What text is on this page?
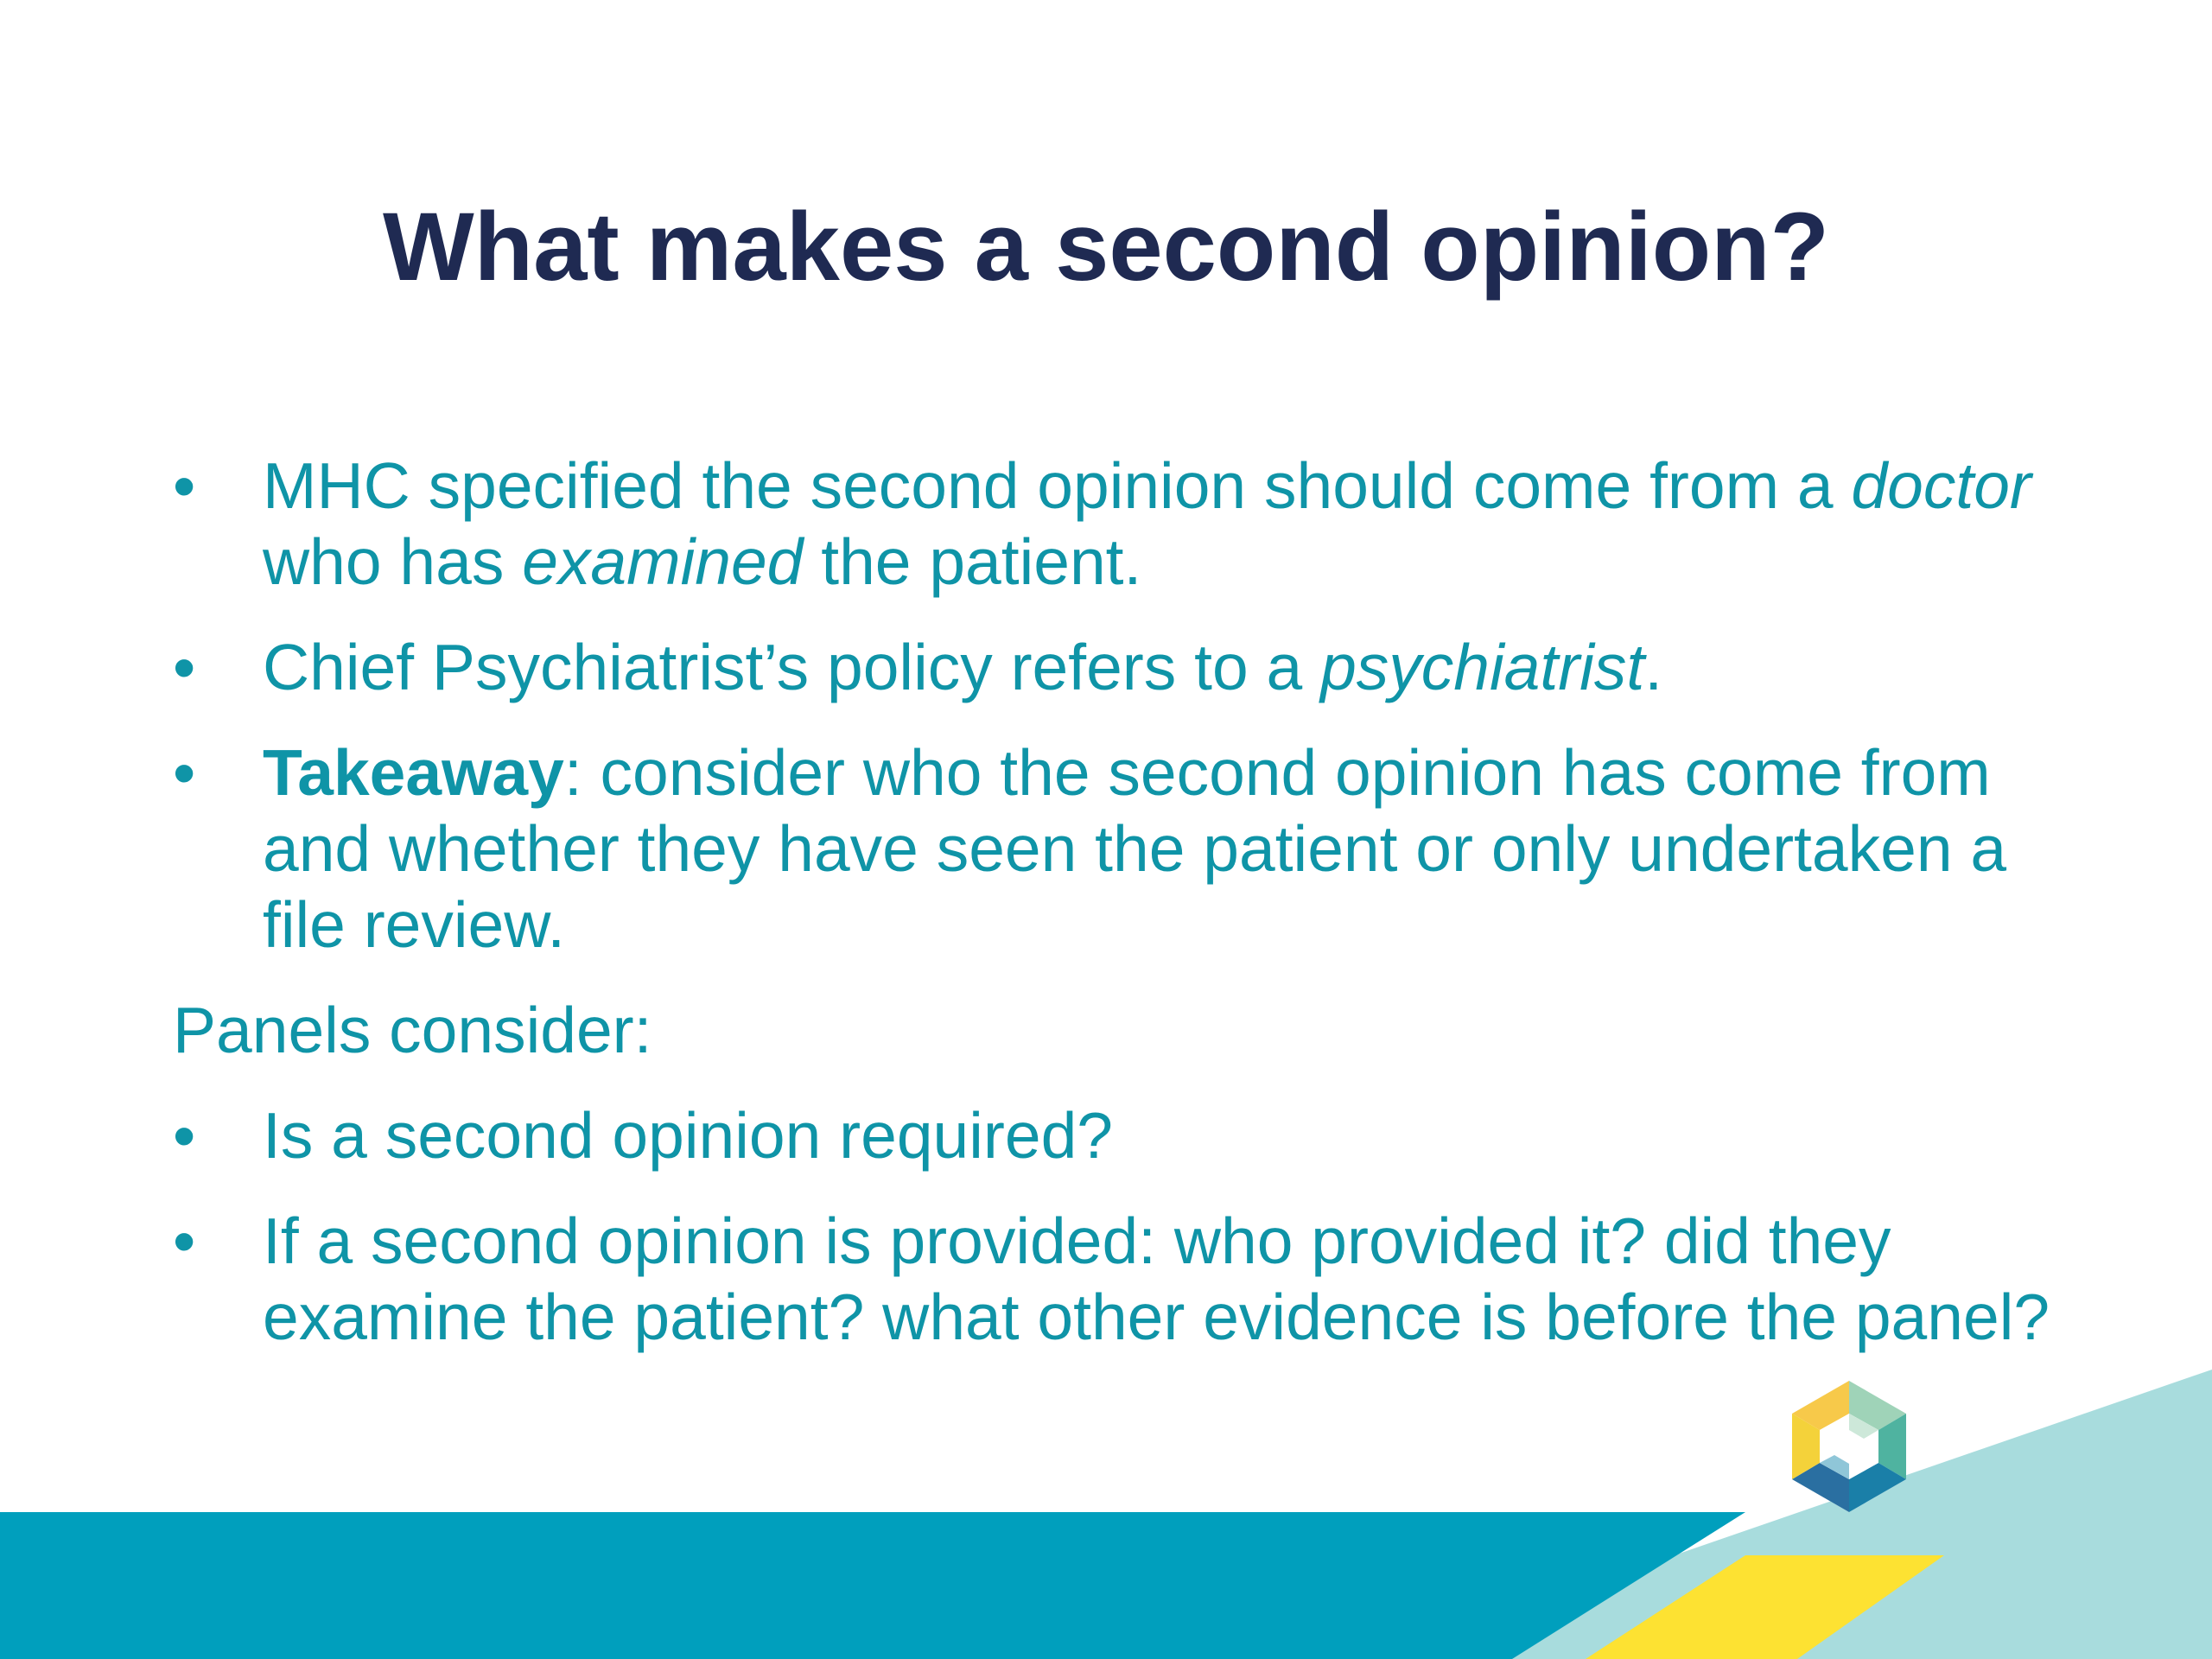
What makes a second opinion?
• MHC specified the second opinion should come from a doctor who has examined the patient.
• Chief Psychiatrist’s policy refers to a psychiatrist.
• Takeaway: consider who the second opinion has come from and whether they have seen the patient or only undertaken a file review.
Panels consider:
• Is a second opinion required?
• If a second opinion is provided: who provided it? did they examine the patient? what other evidence is before the panel?
